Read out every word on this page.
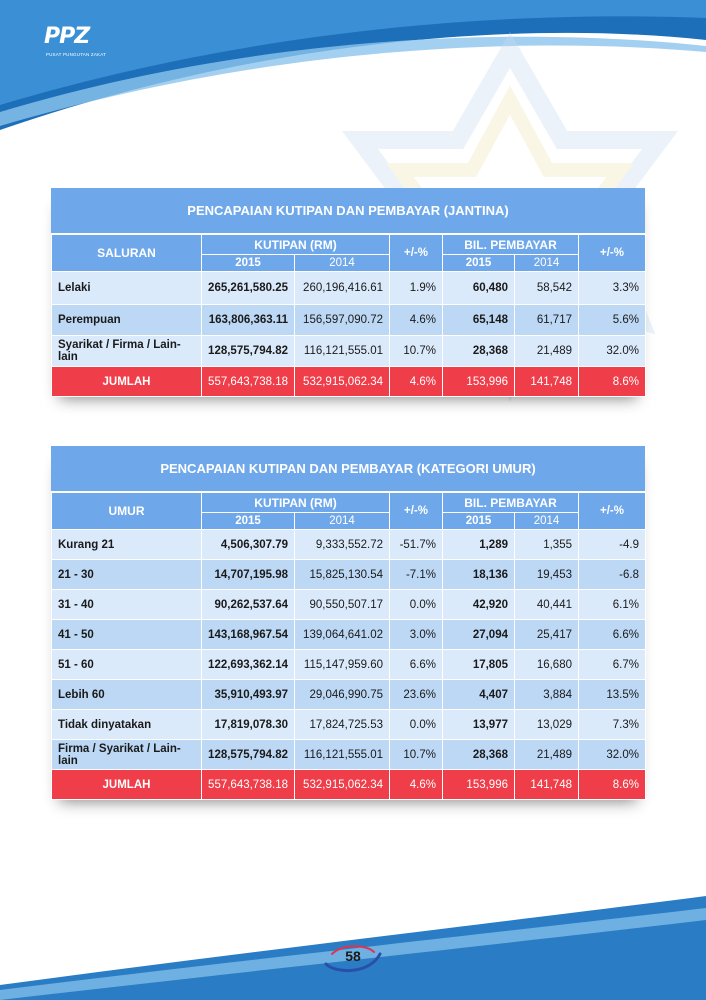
PPZ
PUSAT PUNGUTAN ZAKAT
PENCAPAIAN KUTIPAN DAN PEMBAYAR (JANTINA)
SALURAN	KUTIPAN (RM)		+/-%	BIL. PEMBAYAR		+/-%
	2015	2014		2015	2014	
Lelaki	265,261,580.25	260,196,416.61	1.9%	60,480	58,542	3.3%
Perempuan	163,806,363.11	156,597,090.72	4.6%	65,148	61,717	5.6%
Syarikat / Firma / Lain-lain	128,575,794.82	116,121,555.01	10.7%	28,368	21,489	32.0%
JUMLAH	557,643,738.18	532,915,062.34	4.6%	153,996	141,748	8.6%
PENCAPAIAN KUTIPAN DAN PEMBAYAR (KATEGORI UMUR)
UMUR	KUTIPAN (RM)		+/-%	BIL. PEMBAYAR		+/-%
	2015	2014		2015	2014	
Kurang 21	4,506,307.79	9,333,552.72	-51.7%	1,289	1,355	-4.9
21 - 30	14,707,195.98	15,825,130.54	-7.1%	18,136	19,453	-6.8
31 - 40	90,262,537.64	90,550,507.17	0.0%	42,920	40,441	6.1%
41 - 50	143,168,967.54	139,064,641.02	3.0%	27,094	25,417	6.6%
51 - 60	122,693,362.14	115,147,959.60	6.6%	17,805	16,680	6.7%
Lebih 60	35,910,493.97	29,046,990.75	23.6%	4,407	3,884	13.5%
Tidak dinyatakan	17,819,078.30	17,824,725.53	0.0%	13,977	13,029	7.3%
Firma / Syarikat / Lain-lain	128,575,794.82	116,121,555.01	10.7%	28,368	21,489	32.0%
JUMLAH	557,643,738.18	532,915,062.34	4.6%	153,996	141,748	8.6%
58
